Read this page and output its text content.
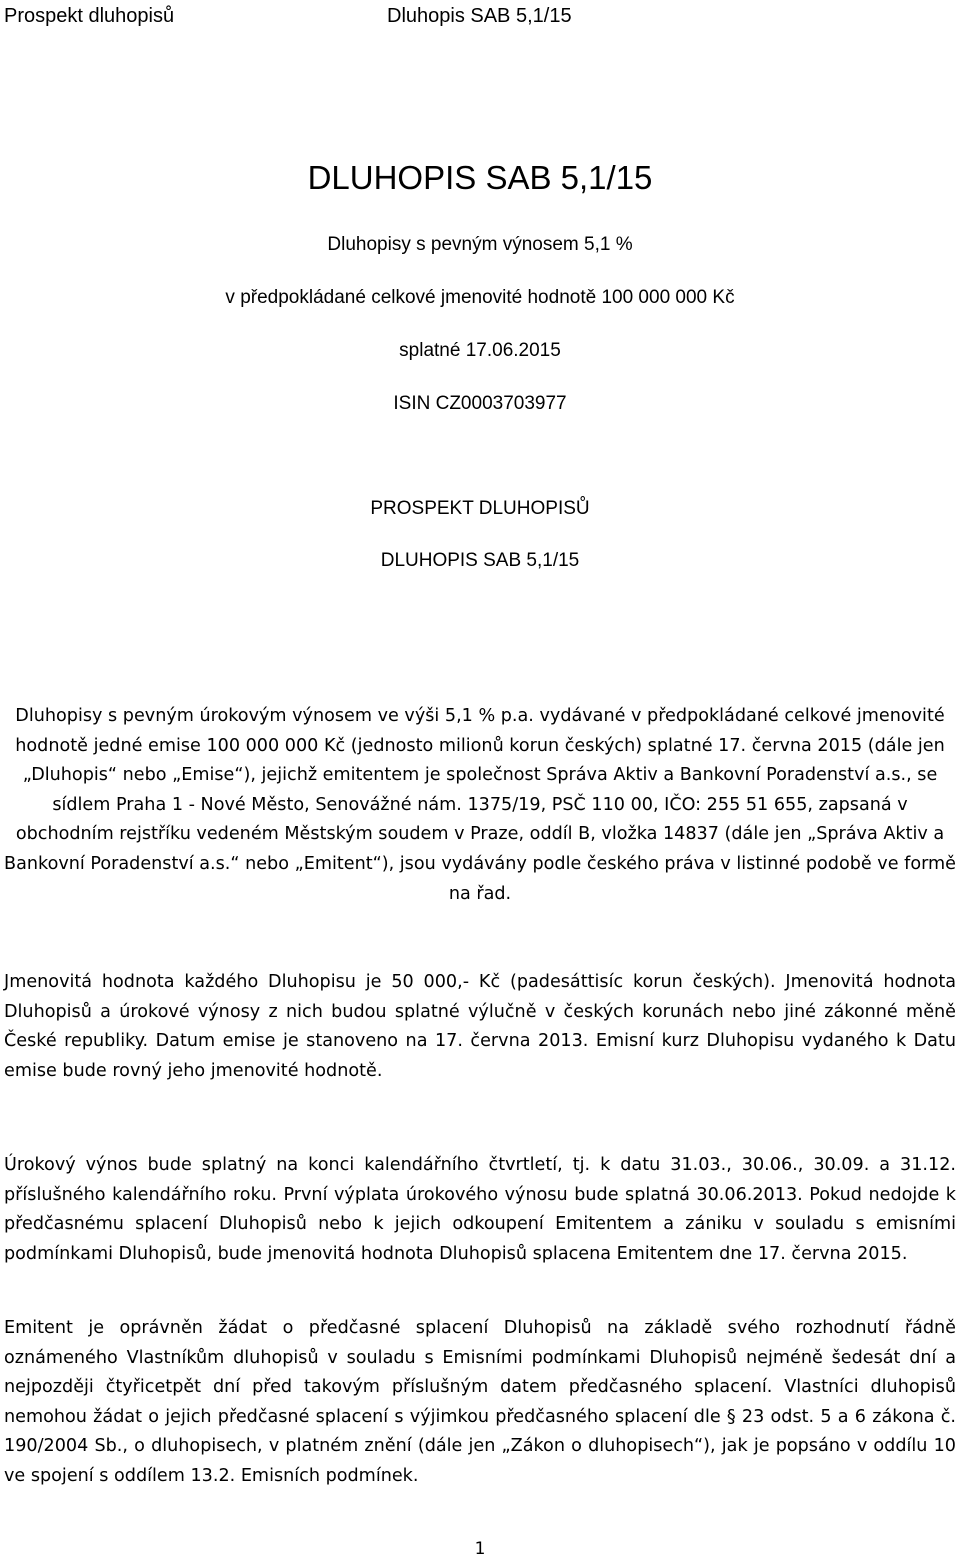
Prospekt dluhopisů	Dluhopis SAB 5,1/15
DLUHOPIS SAB 5,1/15
Dluhopisy s pevným výnosem 5,1 %
v předpokládané celkové jmenovité hodnotě 100 000 000 Kč
splatné 17.06.2015
ISIN CZ0003703977
PROSPEKT DLUHOPISŮ
DLUHOPIS SAB 5,1/15

Dluhopisy s pevným úrokovým výnosem ve výši 5,1 % p.a. vydávané v předpokládané celkové jmenovité hodnotě jedné emise 100 000 000 Kč (jednosto milionů korun českých) splatné 17. června 2015 (dále jen „Dluhopis“ nebo „Emise“), jejichž emitentem je společnost Správa Aktiv a Bankovní Poradenství a.s., se sídlem Praha 1 - Nové Město, Senovážné nám. 1375/19, PSČ 110 00, IČO: 255 51 655, zapsaná v obchodním rejstříku vedeném Městským soudem v Praze, oddíl B, vložka 14837 (dále jen „Správa Aktiv a Bankovní Poradenství a.s.“ nebo „Emitent“), jsou vydávány podle českého práva v listinné podobě ve formě na řad.

Jmenovitá hodnota každého Dluhopisu je 50 000,- Kč (padesáttisíc korun českých). Jmenovitá hodnota Dluhopisů a úrokové výnosy z nich budou splatné výlučně v českých korunách nebo jiné zákonné měně České republiky. Datum emise je stanoveno na 17. června 2013. Emisní kurz Dluhopisu vydaného k Datu emise bude rovný jeho jmenovité hodnotě.

Úrokový výnos bude splatný na konci kalendářního čtvrtletí, tj. k datu 31.03., 30.06., 30.09. a 31.12. příslušného kalendářního roku. První výplata úrokového výnosu bude splatná 30.06.2013. Pokud nedojde k předčasnému splacení Dluhopisů nebo k jejich odkoupení Emitentem a zániku v souladu s emisními podmínkami Dluhopisů, bude jmenovitá hodnota Dluhopisů splacena Emitentem dne 17. června 2015.

Emitent je oprávněn žádat o předčasné splacení Dluhopisů na základě svého rozhodnutí řádně oznámeného Vlastníkům dluhopisů v souladu s Emisními podmínkami Dluhopisů nejméně šedesát dní a nejpozději čtyřicetpět dní před takovým příslušným datem předčasného splacení. Vlastníci dluhopisů nemohou žádat o jejich předčasné splacení s výjimkou předčasného splacení dle § 23 odst. 5 a 6 zákona č. 190/2004 Sb., o dluhopisech, v platném znění (dále jen „Zákon o dluhopisech“), jak je popsáno v oddílu 10 ve spojení s oddílem 13.2. Emisních podmínek.

1
